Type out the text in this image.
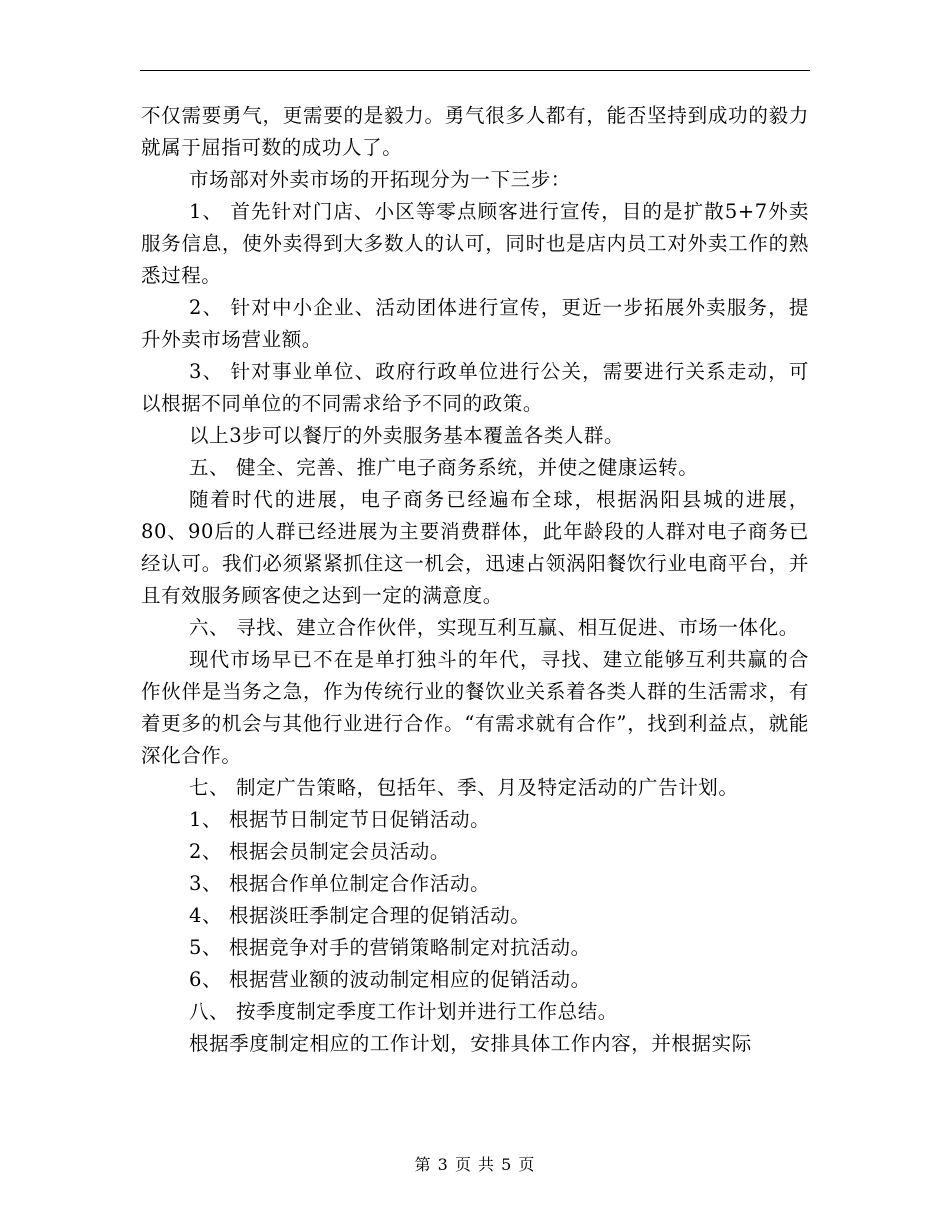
不仅需要勇气，更需要的是毅力。勇气很多人都有，能否坚持到成功的毅力就属于屈指可数的成功人了。

市场部对外卖市场的开拓现分为一下三步：

1、 首先针对门店、小区等零点顾客进行宣传，目的是扩散5+7外卖服务信息，使外卖得到大多数人的认可，同时也是店内员工对外卖工作的熟悉过程。

2、 针对中小企业、活动团体进行宣传，更近一步拓展外卖服务，提升外卖市场营业额。

3、 针对事业单位、政府行政单位进行公关，需要进行关系走动，可以根据不同单位的不同需求给予不同的政策。

以上3步可以餐厅的外卖服务基本覆盖各类人群。

五、 健全、完善、推广电子商务系统，并使之健康运转。

随着时代的进展，电子商务已经遍布全球，根据涡阳县城的进展，80、90后的人群已经进展为主要消费群体，此年龄段的人群对电子商务已经认可。我们必须紧紧抓住这一机会，迅速占领涡阳餐饮行业电商平台，并且有效服务顾客使之达到一定的满意度。

六、 寻找、建立合作伙伴，实现互利互赢、相互促进、市场一体化。

现代市场早已不在是单打独斗的年代，寻找、建立能够互利共赢的合作伙伴是当务之急，作为传统行业的餐饮业关系着各类人群的生活需求，有着更多的机会与其他行业进行合作。“有需求就有合作”，找到利益点，就能深化合作。

七、 制定广告策略，包括年、季、月及特定活动的广告计划。

1、 根据节日制定节日促销活动。

2、 根据会员制定会员活动。

3、 根据合作单位制定合作活动。

4、 根据淡旺季制定合理的促销活动。

5、 根据竞争对手的营销策略制定对抗活动。

6、 根据营业额的波动制定相应的促销活动。

八、 按季度制定季度工作计划并进行工作总结。

根据季度制定相应的工作计划，安排具体工作内容，并根据实际

第 3 页 共 5 页
